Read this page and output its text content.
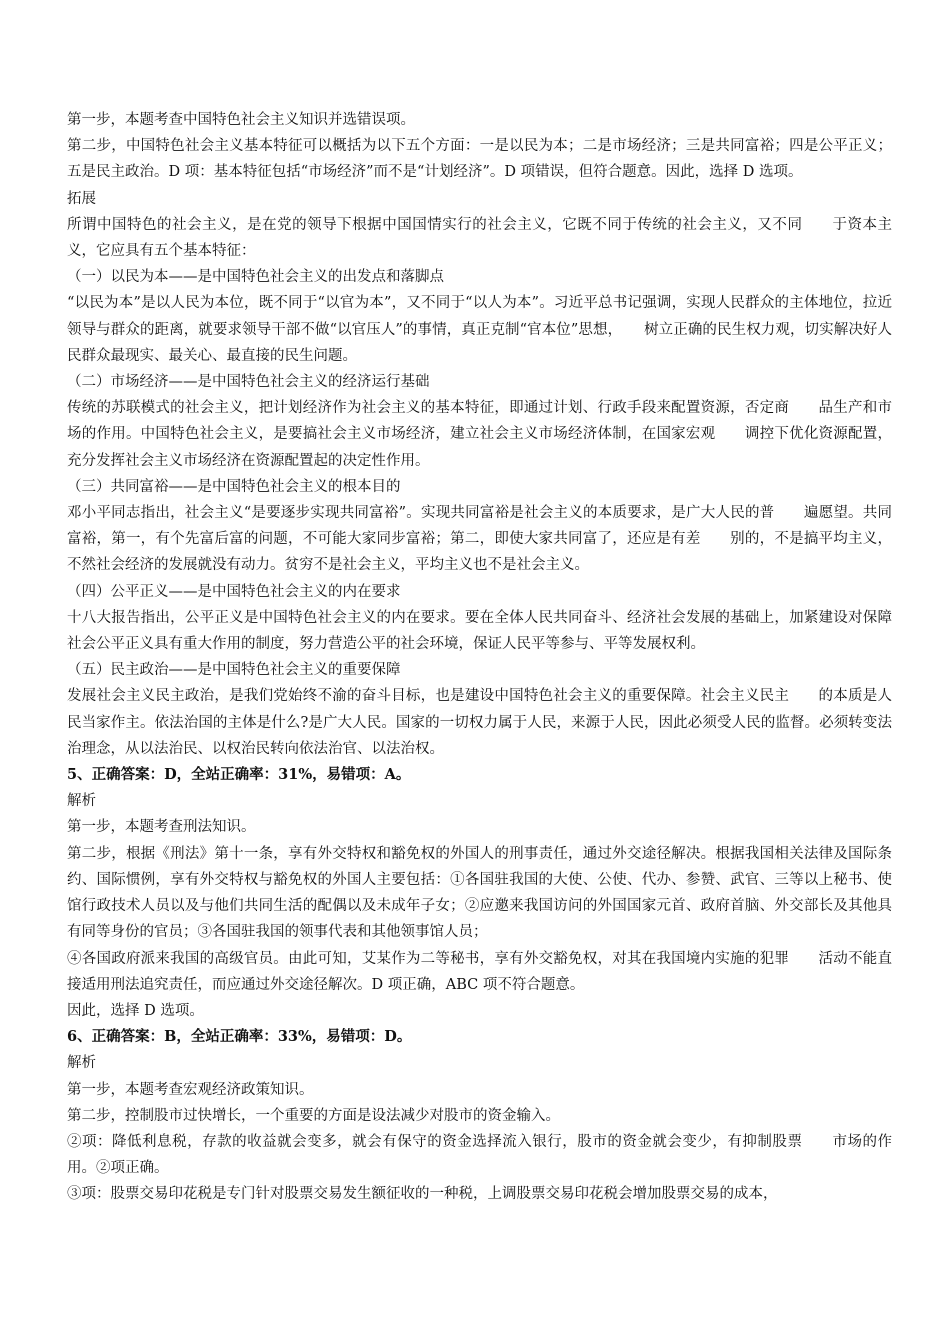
第一步，本题考查中国特色社会主义知识并选错误项。

第二步，中国特色社会主义基本特征可以概括为以下五个方面：一是以民为本；二是市场经济；三是共同富裕；四是公平正义；五是民主政治。D 项：基本特征包括“市场经济”而不是“计划经济”。D 项错误，但符合题意。因此，选择 D 选项。

拓展

所谓中国特色的社会主义，是在党的领导下根据中国国情实行的社会主义，它既不同于传统的社会主义，又不同　　于资本主义，它应具有五个基本特征：

（一）以民为本——是中国特色社会主义的出发点和落脚点

“以民为本”是以人民为本位，既不同于“以官为本”，又不同于“以人为本”。习近平总书记强调，实现人民群众的主体地位，拉近领导与群众的距离，就要求领导干部不做“以官压人”的事情，真正克制“官本位”思想，　　树立正确的民生权力观，切实解决好人民群众最现实、最关心、最直接的民生问题。

（二）市场经济——是中国特色社会主义的经济运行基础

传统的苏联模式的社会主义，把计划经济作为社会主义的基本特征，即通过计划、行政手段来配置资源，否定商　　品生产和市场的作用。中国特色社会主义，是要搞社会主义市场经济，建立社会主义市场经济体制，在国家宏观　　调控下优化资源配置，充分发挥社会主义市场经济在资源配置起的决定性作用。

（三）共同富裕——是中国特色社会主义的根本目的

邓小平同志指出，社会主义“是要逐步实现共同富裕”。实现共同富裕是社会主义的本质要求，是广大人民的普　　遍愿望。共同富裕，第一，有个先富后富的问题，不可能大家同步富裕；第二，即使大家共同富了，还应是有差　　别的，不是搞平均主义，不然社会经济的发展就没有动力。贫穷不是社会主义，平均主义也不是社会主义。

（四）公平正义——是中国特色社会主义的内在要求

十八大报告指出，公平正义是中国特色社会主义的内在要求。要在全体人民共同奋斗、经济社会发展的基础上，加紧建设对保障社会公平正义具有重大作用的制度，努力营造公平的社会环境，保证人民平等参与、平等发展权利。

（五）民主政治——是中国特色社会主义的重要保障

发展社会主义民主政治，是我们党始终不渝的奋斗目标，也是建设中国特色社会主义的重要保障。社会主义民主　　的本质是人民当家作主。依法治国的主体是什么?是广大人民。国家的一切权力属于人民，来源于人民，因此必须受人民的监督。必须转变法治理念，从以法治民、以权治民转向依法治官、以法治权。

5、正确答案：D，全站正确率：31%，易错项：A。

解析

第一步，本题考查刑法知识。

第二步，根据《刑法》第十一条，享有外交特权和豁免权的外国人的刑事责任，通过外交途径解决。根据我国相关法律及国际条约、国际惯例，享有外交特权与豁免权的外国人主要包括：①各国驻我国的大使、公使、代办、参赞、武官、三等以上秘书、使馆行政技术人员以及与他们共同生活的配偶以及未成年子女；②应邀来我国访问的外国国家元首、政府首脑、外交部长及其他具有同等身份的官员；③各国驻我国的领事代表和其他领事馆人员；

④各国政府派来我国的高级官员。由此可知，艾某作为二等秘书，享有外交豁免权，对其在我国境内实施的犯罪　　活动不能直接适用刑法追究责任，而应通过外交途径解次。D 项正确，ABC 项不符合题意。

因此，选择 D 选项。

6、正确答案：B，全站正确率：33%，易错项：D。

解析

第一步，本题考查宏观经济政策知识。

第二步，控制股市过快增长，一个重要的方面是设法减少对股市的资金输入。

②项：降低利息税，存款的收益就会变多，就会有保守的资金选择流入银行，股市的资金就会变少，有抑制股票　　市场的作用。②项正确。

③项：股票交易印花税是专门针对股票交易发生额征收的一种税，上调股票交易印花税会增加股票交易的成本，
